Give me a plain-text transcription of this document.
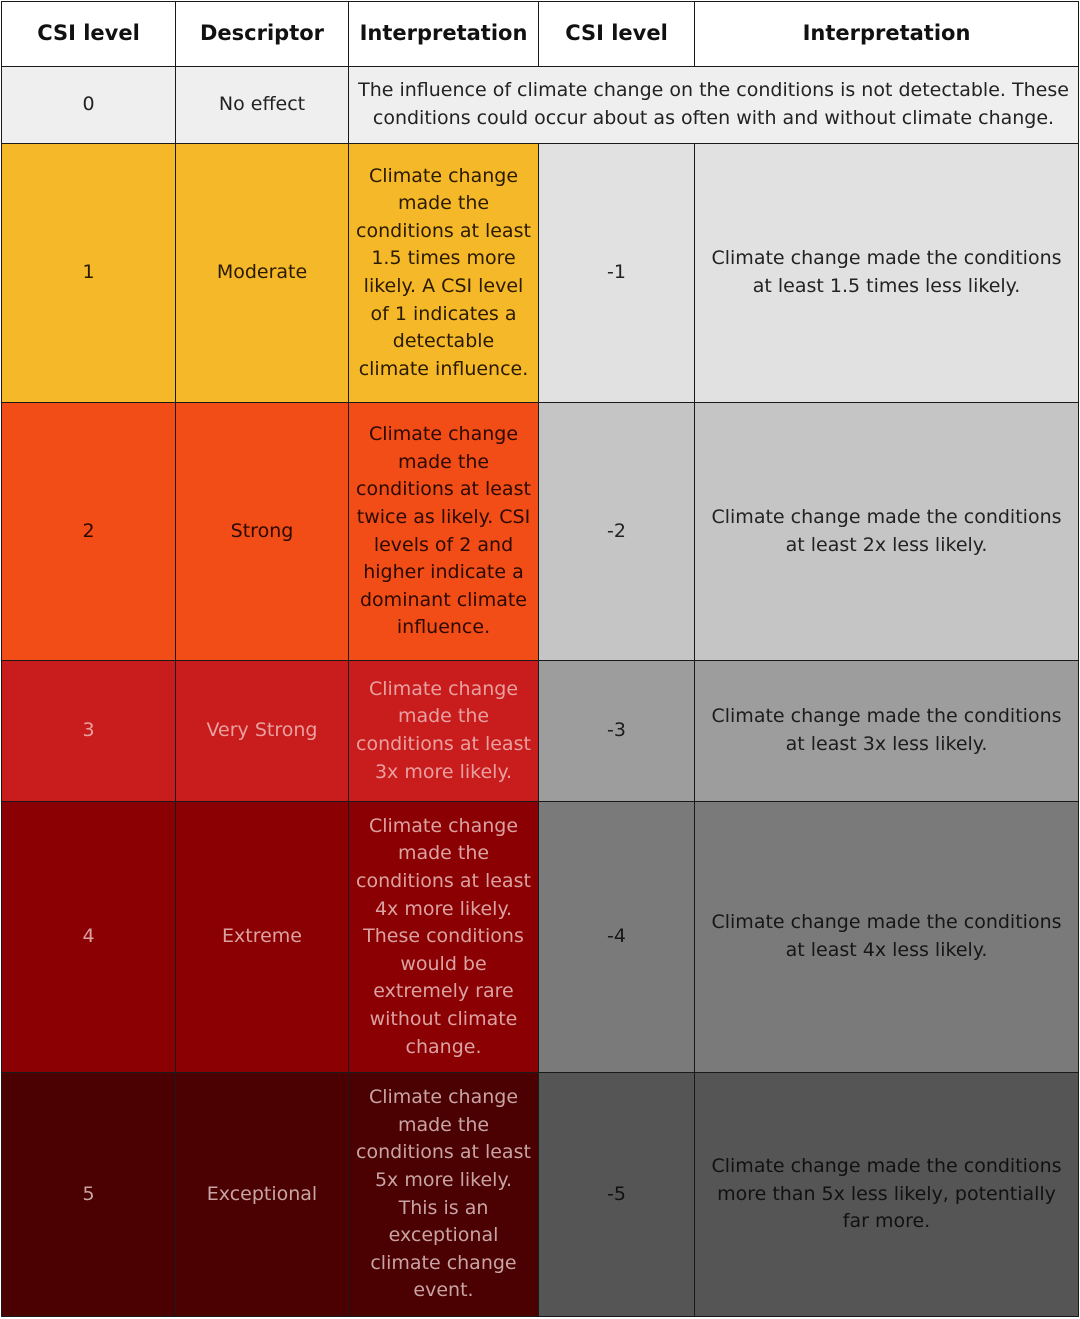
CSI level	Descriptor	Interpretation	CSI level	Interpretation
0	No effect	The influence of climate change on the conditions is not detectable. These conditions could occur about as often with and without climate change.		
1	Moderate	Climate change made the conditions at least 1.5 times more likely. A CSI level of 1 indicates a detectable climate influence.	-1	Climate change made the conditions at least 1.5 times less likely.
2	Strong	Climate change made the conditions at least twice as likely. CSI levels of 2 and higher indicate a dominant climate influence.	-2	Climate change made the conditions at least 2x less likely.
3	Very Strong	Climate change made the conditions at least 3x more likely.	-3	Climate change made the conditions at least 3x less likely.
4	Extreme	Climate change made the conditions at least 4x more likely. These conditions would be extremely rare without climate change.	-4	Climate change made the conditions at least 4x less likely.
5	Exceptional	Climate change made the conditions at least 5x more likely. This is an exceptional climate change event.	-5	Climate change made the conditions more than 5x less likely, potentially far more.
